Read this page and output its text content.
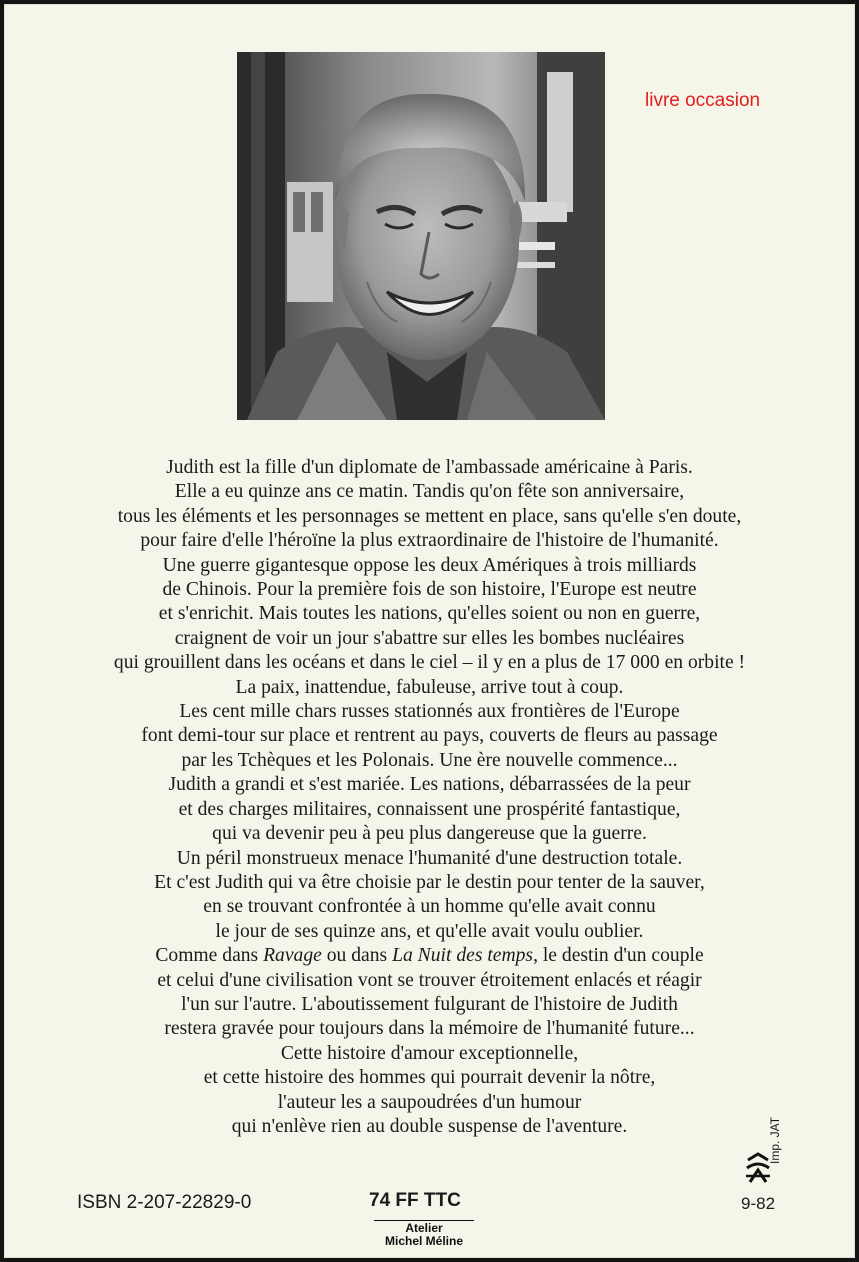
livre occasion
Judith est la fille d'un diplomate de l'ambassade américaine à Paris.
Elle a eu quinze ans ce matin. Tandis qu'on fête son anniversaire,
tous les éléments et les personnages se mettent en place, sans qu'elle s'en doute,
pour faire d'elle l'héroïne la plus extraordinaire de l'histoire de l'humanité.
Une guerre gigantesque oppose les deux Amériques à trois milliards
de Chinois. Pour la première fois de son histoire, l'Europe est neutre
et s'enrichit. Mais toutes les nations, qu'elles soient ou non en guerre,
craignent de voir un jour s'abattre sur elles les bombes nucléaires
qui grouillent dans les océans et dans le ciel – il y en a plus de 17 000 en orbite !
La paix, inattendue, fabuleuse, arrive tout à coup.
Les cent mille chars russes stationnés aux frontières de l'Europe
font demi-tour sur place et rentrent au pays, couverts de fleurs au passage
par les Tchèques et les Polonais. Une ère nouvelle commence...
Judith a grandi et s'est mariée. Les nations, débarrassées de la peur
et des charges militaires, connaissent une prospérité fantastique,
qui va devenir peu à peu plus dangereuse que la guerre.
Un péril monstrueux menace l'humanité d'une destruction totale.
Et c'est Judith qui va être choisie par le destin pour tenter de la sauver,
en se trouvant confrontée à un homme qu'elle avait connu
le jour de ses quinze ans, et qu'elle avait voulu oublier.
Comme dans Ravage ou dans La Nuit des temps, le destin d'un couple
et celui d'une civilisation vont se trouver étroitement enlacés et réagir
l'un sur l'autre. L'aboutissement fulgurant de l'histoire de Judith
restera gravée pour toujours dans la mémoire de l'humanité future...
Cette histoire d'amour exceptionnelle,
et cette histoire des hommes qui pourrait devenir la nôtre,
l'auteur les a saupoudrées d'un humour
qui n'enlève rien au double suspense de l'aventure.
ISBN 2-207-22829-0	74 FF TTC
Atelier
Michel Méline
Imp. JAT
9-82
